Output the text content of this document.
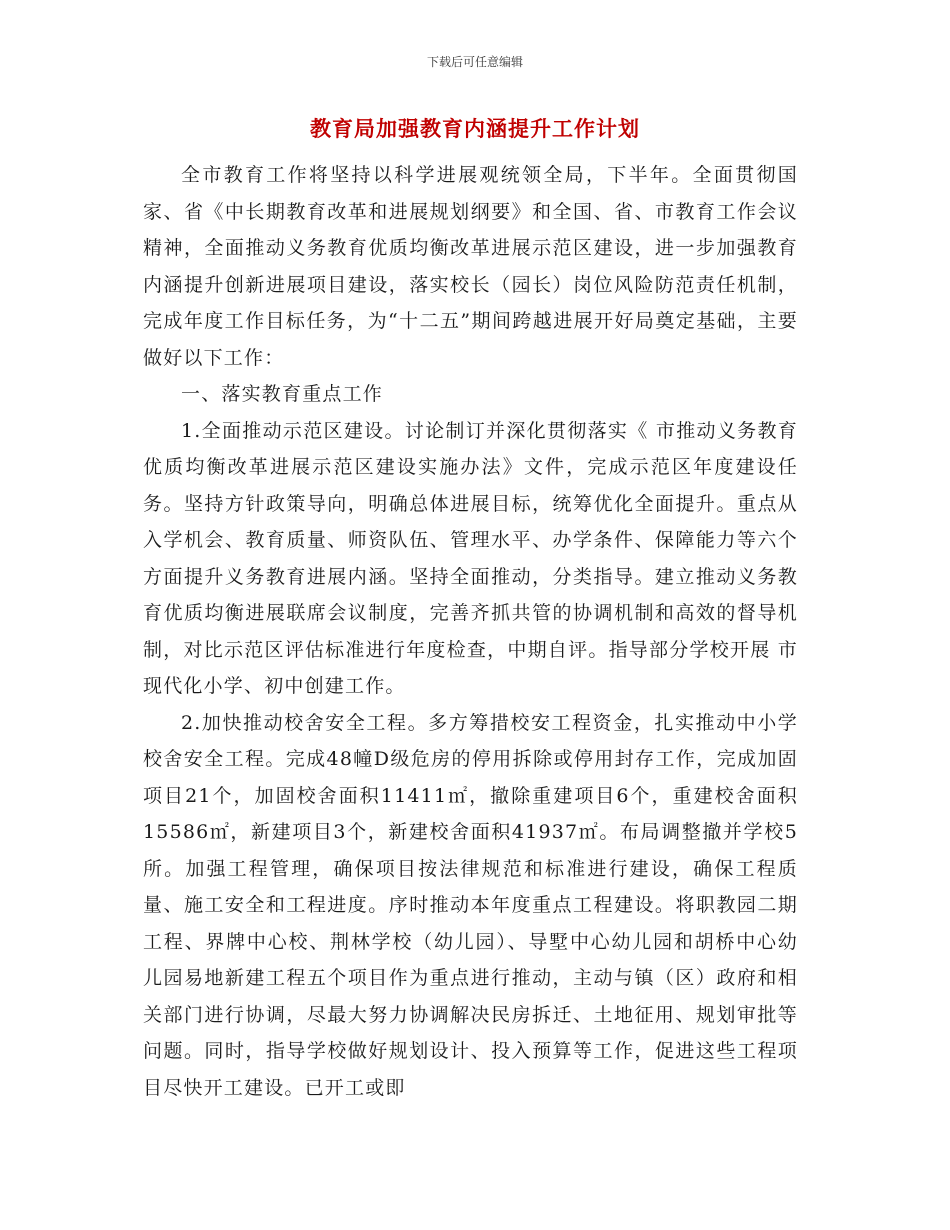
下载后可任意编辑
教育局加强教育内涵提升工作计划

全市教育工作将坚持以科学进展观统领全局，下半年。全面贯彻国家、省《中长期教育改革和进展规划纲要》和全国、省、市教育工作会议精神，全面推动义务教育优质均衡改革进展示范区建设，进一步加强教育内涵提升创新进展项目建设，落实校长（园长）岗位风险防范责任机制，完成年度工作目标任务，为“十二五”期间跨越进展开好局奠定基础，主要做好以下工作：

一、落实教育重点工作

1.全面推动示范区建设。讨论制订并深化贯彻落实《 市推动义务教育优质均衡改革进展示范区建设实施办法》文件，完成示范区年度建设任务。坚持方针政策导向，明确总体进展目标，统筹优化全面提升。重点从入学机会、教育质量、师资队伍、管理水平、办学条件、保障能力等六个方面提升义务教育进展内涵。坚持全面推动，分类指导。建立推动义务教育优质均衡进展联席会议制度，完善齐抓共管的协调机制和高效的督导机制，对比示范区评估标准进行年度检查，中期自评。指导部分学校开展 市现代化小学、初中创建工作。

2.加快推动校舍安全工程。多方筹措校安工程资金，扎实推动中小学校舍安全工程。完成48幢D级危房的停用拆除或停用封存工作，完成加固项目21个，加固校舍面积11411㎡，撤除重建项目6个，重建校舍面积15586㎡，新建项目3个，新建校舍面积41937㎡。布局调整撤并学校5所。加强工程管理，确保项目按法律规范和标准进行建设，确保工程质量、施工安全和工程进度。序时推动本年度重点工程建设。将职教园二期工程、界牌中心校、荆林学校（幼儿园）、导墅中心幼儿园和胡桥中心幼儿园易地新建工程五个项目作为重点进行推动，主动与镇（区）政府和相关部门进行协调，尽最大努力协调解决民房拆迁、土地征用、规划审批等问题。同时，指导学校做好规划设计、投入预算等工作，促进这些工程项目尽快开工建设。已开工或即
